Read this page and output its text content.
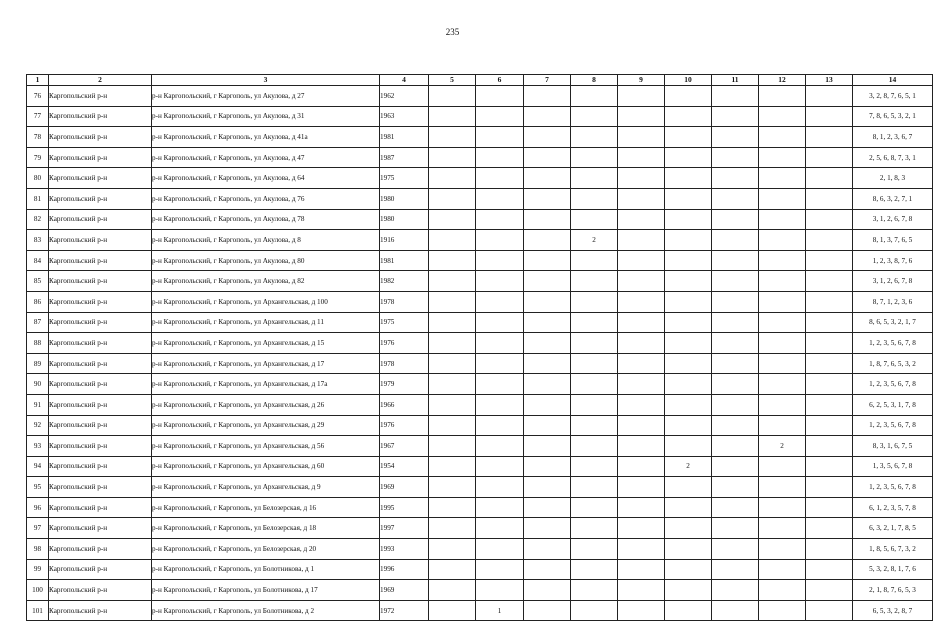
235
1	2	3	4	5	6	7	8	9	10	11	12	13	14
76	Каргопольский р-н	р-н Каргопольский, г Каргополь, ул Акулова, д 27	1962										3, 2, 8, 7, 6, 5, 1
77	Каргопольский р-н	р-н Каргопольский, г Каргополь, ул Акулова, д 31	1963										7, 8, 6, 5, 3, 2, 1
78	Каргопольский р-н	р-н Каргопольский, г Каргополь, ул Акулова, д 41а	1981										8, 1, 2, 3, 6, 7
79	Каргопольский р-н	р-н Каргопольский, г Каргополь, ул Акулова, д 47	1987										2, 5, 6, 8, 7, 3, 1
80	Каргопольский р-н	р-н Каргопольский, г Каргополь, ул Акулова, д 64	1975										2, 1, 8, 3
81	Каргопольский р-н	р-н Каргопольский, г Каргополь, ул Акулова, д 76	1980										8, 6, 3, 2, 7, 1
82	Каргопольский р-н	р-н Каргопольский, г Каргополь, ул Акулова, д 78	1980										3, 1, 2, 6, 7, 8
83	Каргопольский р-н	р-н Каргопольский, г Каргополь, ул Акулова, д 8	1916				2						8, 1, 3, 7, 6, 5
84	Каргопольский р-н	р-н Каргопольский, г Каргополь, ул Акулова, д 80	1981										1, 2, 3, 8, 7, 6
85	Каргопольский р-н	р-н Каргопольский, г Каргополь, ул Акулова, д 82	1982										3, 1, 2, 6, 7, 8
86	Каргопольский р-н	р-н Каргопольский, г Каргополь, ул Архангельская, д 100	1978										8, 7, 1, 2, 3, 6
87	Каргопольский р-н	р-н Каргопольский, г Каргополь, ул Архангельская, д 11	1975										8, 6, 5, 3, 2, 1, 7
88	Каргопольский р-н	р-н Каргопольский, г Каргополь, ул Архангельская, д 15	1976										1, 2, 3, 5, 6, 7, 8
89	Каргопольский р-н	р-н Каргопольский, г Каргополь, ул Архангельская, д 17	1978										1, 8, 7, 6, 5, 3, 2
90	Каргопольский р-н	р-н Каргопольский, г Каргополь, ул Архангельская, д 17а	1979										1, 2, 3, 5, 6, 7, 8
91	Каргопольский р-н	р-н Каргопольский, г Каргополь, ул Архангельская, д 26	1966										6, 2, 5, 3, 1, 7, 8
92	Каргопольский р-н	р-н Каргопольский, г Каргополь, ул Архангельская, д 29	1976										1, 2, 3, 5, 6, 7, 8
93	Каргопольский р-н	р-н Каргопольский, г Каргополь, ул Архангельская, д 56	1967								2		8, 3, 1, 6, 7, 5
94	Каргопольский р-н	р-н Каргопольский, г Каргополь, ул Архангельская, д 60	1954						2				1, 3, 5, 6, 7, 8
95	Каргопольский р-н	р-н Каргопольский, г Каргополь, ул Архангельская, д 9	1969										1, 2, 3, 5, 6, 7, 8
96	Каргопольский р-н	р-н Каргопольский, г Каргополь, ул Белозерская, д 16	1995										6, 1, 2, 3, 5, 7, 8
97	Каргопольский р-н	р-н Каргопольский, г Каргополь, ул Белозерская, д 18	1997										6, 3, 2, 1, 7, 8, 5
98	Каргопольский р-н	р-н Каргопольский, г Каргополь, ул Белозерская, д 20	1993										1, 8, 5, 6, 7, 3, 2
99	Каргопольский р-н	р-н Каргопольский, г Каргополь, ул Болотникова, д 1	1996										5, 3, 2, 8, 1, 7, 6
100	Каргопольский р-н	р-н Каргопольский, г Каргополь, ул Болотникова, д 17	1969										2, 1, 8, 7, 6, 5, 3
101	Каргопольский р-н	р-н Каргопольский, г Каргополь, ул Болотникова, д 2	1972		1								6, 5, 3, 2, 8, 7
